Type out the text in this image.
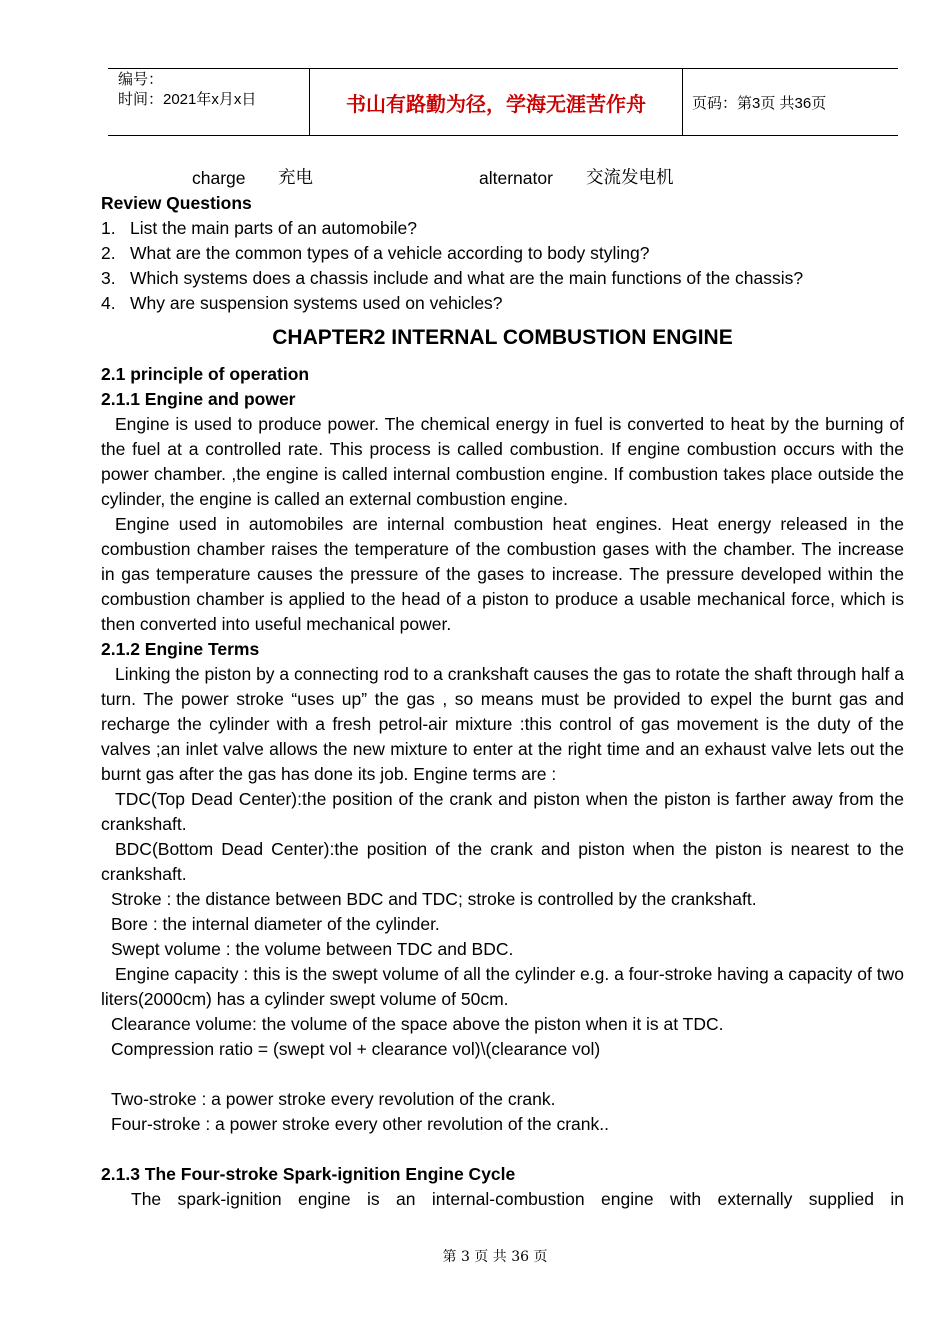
编号：
时间：2021年x月x日	书山有路勤为径，学海无涯苦作舟	页码：第3页 共36页
charge 充电	alternator 交流发电机

Review Questions

1. List the main parts of an automobile?
2. What are the common types of a vehicle according to body styling?
3. Which systems does a chassis include and what are the main functions of the chassis?
4. Why are suspension systems used on vehicles?

CHAPTER2 INTERNAL COMBUSTION ENGINE

2.1 principle of operation

2.1.1 Engine and power

Engine is used to produce power. The chemical energy in fuel is converted to heat by the burning of the fuel at a controlled rate. This process is called combustion. If engine combustion occurs with the power chamber. ,the engine is called internal combustion engine. If combustion takes place outside the cylinder, the engine is called an external combustion engine.

Engine used in automobiles are internal combustion heat engines. Heat energy released in the combustion chamber raises the temperature of the combustion gases with the chamber. The increase in gas temperature causes the pressure of the gases to increase. The pressure developed within the combustion chamber is applied to the head of a piston to produce a usable mechanical force, which is then converted into useful mechanical power.

2.1.2 Engine Terms

Linking the piston by a connecting rod to a crankshaft causes the gas to rotate the shaft through half a turn. The power stroke “uses up” the gas , so means must be provided to expel the burnt gas and recharge the cylinder with a fresh petrol-air mixture :this control of gas movement is the duty of the valves ;an inlet valve allows the new mixture to enter at the right time and an exhaust valve lets out the burnt gas after the gas has done its job. Engine terms are :

TDC(Top Dead Center):the position of the crank and piston when the piston is farther away from the crankshaft.

BDC(Bottom Dead Center):the position of the crank and piston when the piston is nearest to the crankshaft.

Stroke : the distance between BDC and TDC; stroke is controlled by the crankshaft.

Bore : the internal diameter of the cylinder.

Swept volume : the volume between TDC and BDC.

Engine capacity : this is the swept volume of all the cylinder e.g. a four-stroke having a capacity of two liters(2000cm) has a cylinder swept volume of 50cm.

Clearance volume: the volume of the space above the piston when it is at TDC.

Compression ratio = (swept vol + clearance vol)\(clearance vol)

Two-stroke : a power stroke every revolution of the crank.

Four-stroke : a power stroke every other revolution of the crank..

2.1.3 The Four-stroke Spark-ignition Engine Cycle

The spark-ignition engine is an internal-combustion engine with externally supplied in

第 3 页 共 36 页
